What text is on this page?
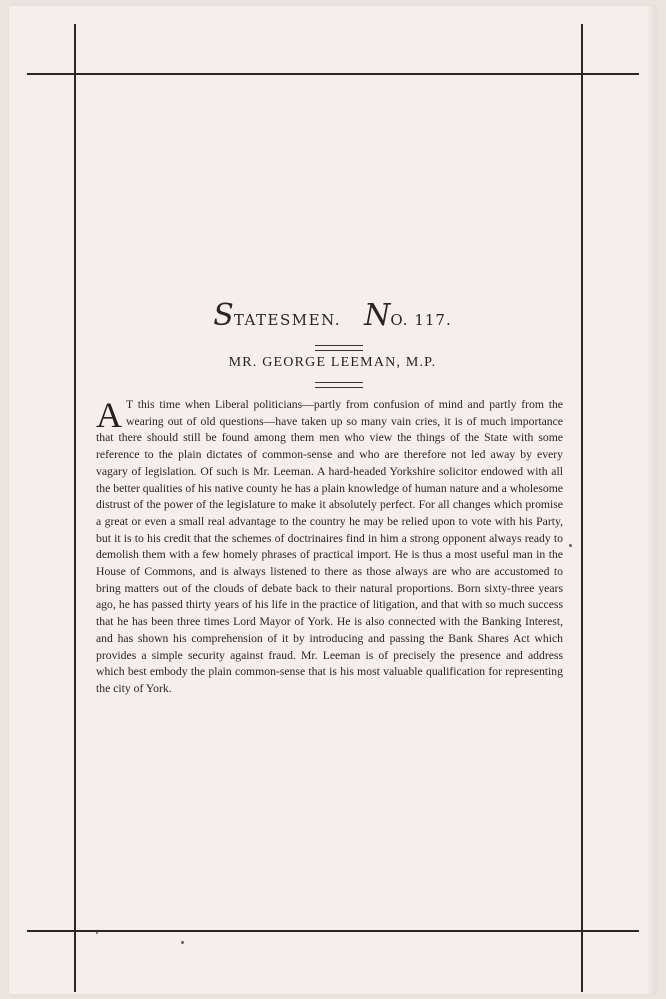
STATESMEN. NO. 117.
MR. GEORGE LEEMAN, M.P.
A T this time when Liberal politicians—partly from confusion of mind and partly from the wearing out of old questions—have taken up so many vain cries, it is of much importance that there should still be found among them men who view the things of the State with some reference to the plain dictates of common-sense and who are therefore not led away by every vagary of legislation. Of such is Mr. Leeman. A hard-headed Yorkshire solicitor endowed with all the better qualities of his native county he has a plain knowledge of human nature and a wholesome distrust of the power of the legislature to make it absolutely perfect. For all changes which promise a great or even a small real advantage to the country he may be relied upon to vote with his Party, but it is to his credit that the schemes of doctrinaires find in him a strong opponent always ready to demolish them with a few homely phrases of practical import. He is thus a most useful man in the House of Commons, and is always listened to there as those always are who are accustomed to bring matters out of the clouds of debate back to their natural proportions. Born sixty-three years ago, he has passed thirty years of his life in the practice of litigation, and that with so much success that he has been three times Lord Mayor of York. He is also connected with the Banking Interest, and has shown his comprehension of it by introducing and passing the Bank Shares Act which provides a simple security against fraud. Mr. Leeman is of precisely the presence and address which best embody the plain common-sense that is his most valuable qualification for representing the city of York.
